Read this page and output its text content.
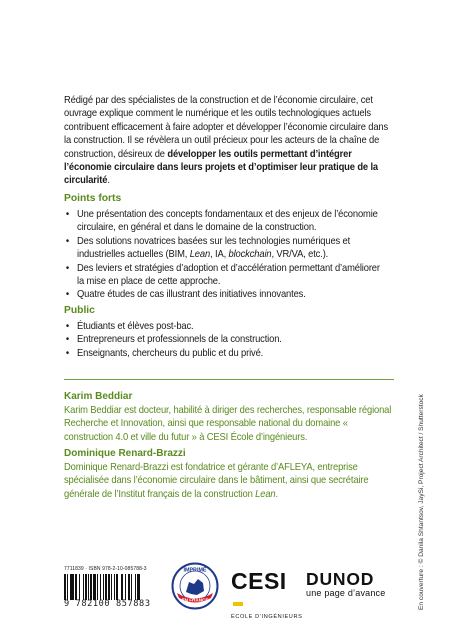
Rédigé par des spécialistes de la construction et de l’économie circulaire, cet ouvrage explique comment le numérique et les outils technologiques actuels contribuent efficacement à faire adopter et développer l’économie circulaire dans la construction. Il se révèlera un outil précieux pour les acteurs de la chaîne de construction, désireux de développer les outils permettant d’intégrer l’économie circulaire dans leurs projets et d’optimiser leur pratique de la circularité.
Points forts
• Une présentation des concepts fondamentaux et des enjeux de l’économie circulaire, en général et dans le domaine de la construction.
• Des solutions novatrices basées sur les technologies numériques et industrielles actuelles (BIM, Lean, IA, blockchain, VR/VA, etc.).
• Des leviers et stratégies d’adoption et d’accélération permettant d’améliorer la mise en place de cette approche.
• Quatre études de cas illustrant des initiatives innovantes.
Public
• Étudiants et élèves post-bac.
• Entrepreneurs et professionnels de la construction.
• Enseignants, chercheurs du public et du privé.
Karim Beddiar
Karim Beddiar est docteur, habilité à diriger des recherches, responsable régional Recherche et Innovation, ainsi que responsable national du domaine « construction 4.0 et ville du futur » à CESI École d’ingénieurs.
Dominique Renard-Brazzi
Dominique Renard-Brazzi est fondatrice et gérante d’AFLEYA, entreprise spécialisée dans l’économie circulaire dans le bâtiment, ainsi que secrétaire générale de l’Institut français de la construction Lean.
7711839 · ISBN 978-2-10-085788-3
9 782100 857883
IMPRIMÉ
EN FRANCE
CESI
ÉCOLE D’INGÉNIEURS
DUNOD
une page d’avance	En couverture : © Danila Shtantsov, JaySi, Project Architect / Shutterstock
